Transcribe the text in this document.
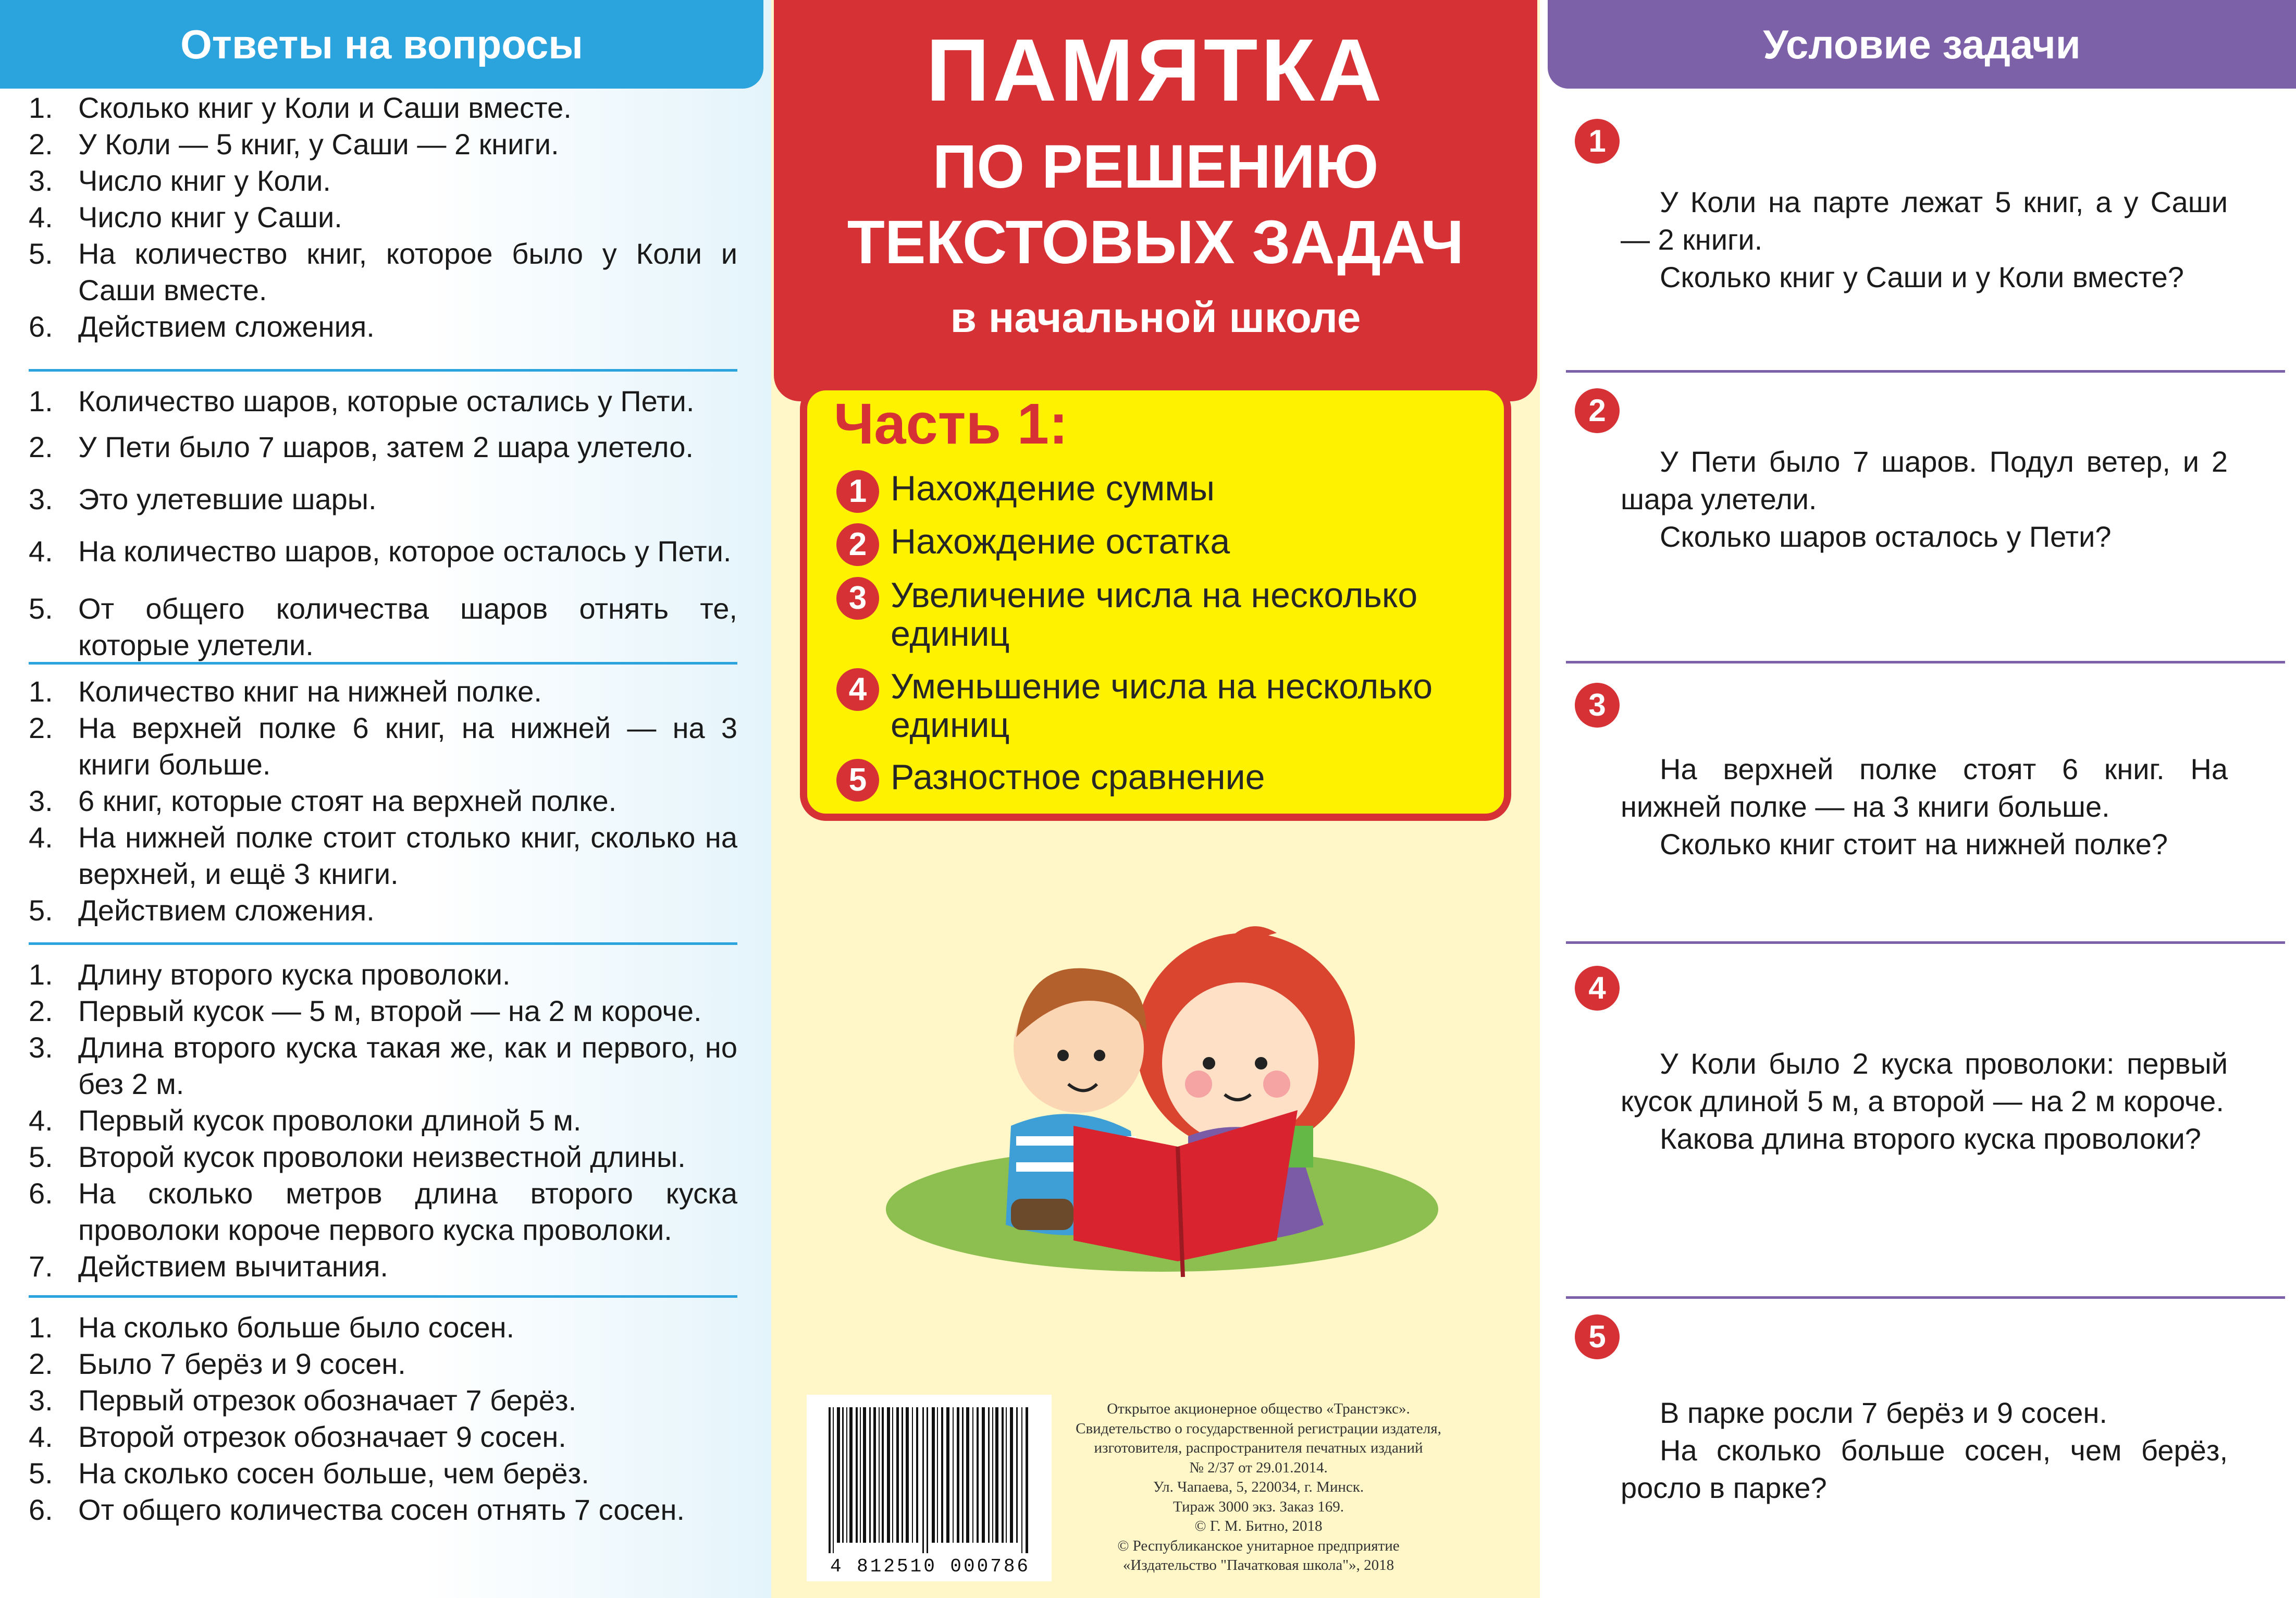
Ответы на вопросы
1. Сколько книг у Коли и Саши вместе.
2. У Коли — 5 книг, у Саши — 2 книги.
3. Число книг у Коли.
4. Число книг у Саши.
5. На количество книг, которое было у Коли и Саши вместе.
6. Действием сложения.
1. Количество шаров, которые остались у Пети.
2. У Пети было 7 шаров, затем 2 шара улетело.
3. Это улетевшие шары.
4. На количество шаров, которое осталось у Пети.
5. От общего количества шаров отнять те, которые улетели.
1. Количество книг на нижней полке.
2. На верхней полке 6 книг, на нижней — на 3 книги больше.
3. 6 книг, которые стоят на верхней полке.
4. На нижней полке стоит столько книг, сколько на верхней, и ещё 3 книги.
5. Действием сложения.
1. Длину второго куска проволоки.
2. Первый кусок — 5 м, второй — на 2 м короче.
3. Длина второго куска такая же, как и первого, но без 2 м.
4. Первый кусок проволоки длиной 5 м.
5. Второй кусок проволоки неизвестной длины.
6. На сколько метров длина второго куска проволоки короче первого куска проволоки.
7. Действием вычитания.
1. На сколько больше было сосен.
2. Было 7 берёз и 9 сосен.
3. Первый отрезок обозначает 7 берёз.
4. Второй отрезок обозначает 9 сосен.
5. На сколько сосен больше, чем берёз.
6. От общего количества сосен отнять 7 сосен.
ПАМЯТКА
ПО РЕШЕНИЮ
ТЕКСТОВЫХ ЗАДАЧ
в начальной школе
Часть 1:
1 Нахождение суммы
2 Нахождение остатка
3 Увеличение числа на несколько единиц
4 Уменьшение числа на несколько единиц
5 Разностное сравнение
4 812510 000786
Открытое акционерное общество «Транстэкс».
Свидетельство о государственной регистрации издателя,
изготовителя, распространителя печатных изданий
№ 2/37 от 29.01.2014.
Ул. Чапаева, 5, 220034, г. Минск.
Тираж 3000 экз. Заказ 169.
© Г. М. Битно, 2018
© Республиканское унитарное предприятие
«Издательство "Пачатковая школа"», 2018
Условие задачи
1

У Коли на парте лежат 5 книг, а у Саши — 2 книги.

Сколько книг у Саши и у Коли вместе?

2

У Пети было 7 шаров. Подул ветер, и 2 шара улетели.

Сколько шаров осталось у Пети?

3

На верхней полке стоят 6 книг. На нижней полке — на 3 книги больше.

Сколько книг стоит на нижней полке?

4

У Коли было 2 куска проволоки: первый кусок длиной 5 м, а второй — на 2 м короче.

Какова длина второго куска проволоки?

5

В парке росли 7 берёз и 9 сосен.

На сколько больше сосен, чем берёз, росло в парке?
